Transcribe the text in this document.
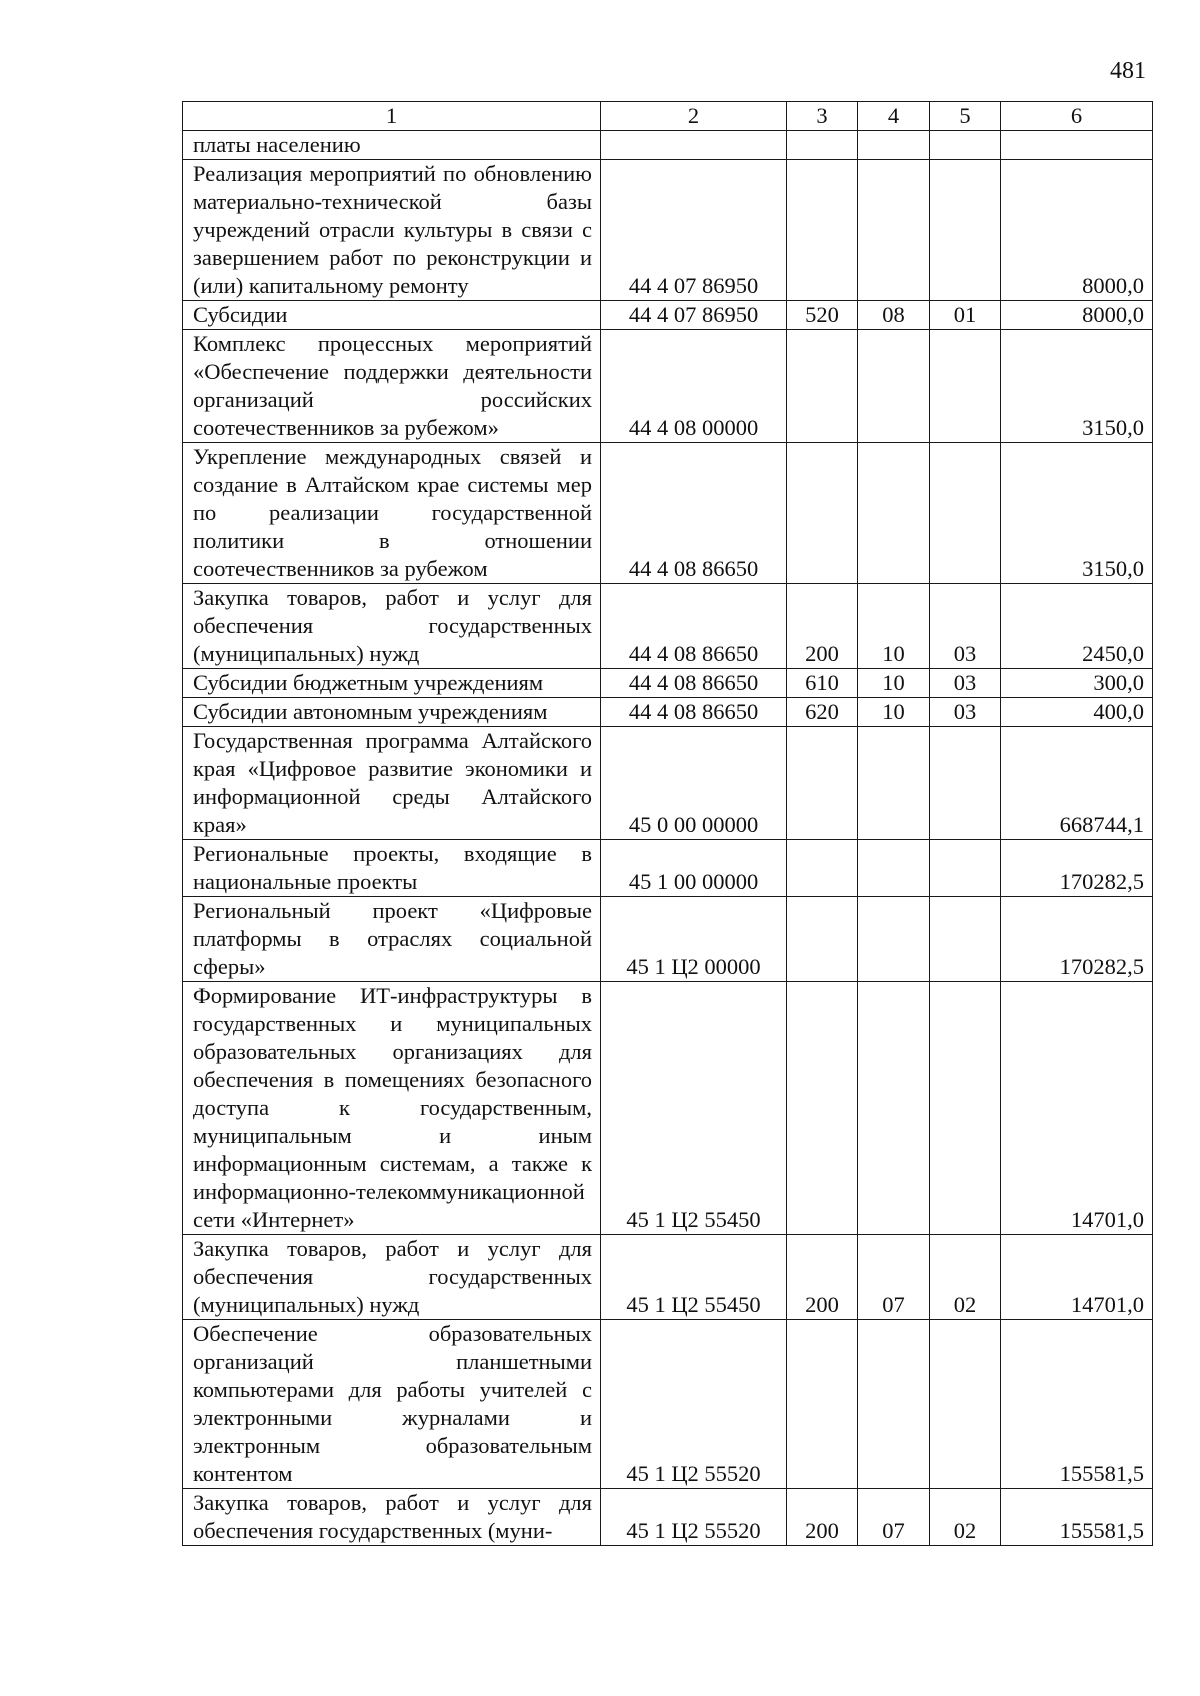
481
1	2	3	4	5	6
платы населению					
Реализация мероприятий по обновлению материально-технической базы учреждений отрасли культуры в связи с завершением работ по реконструкции и (или) капитальному ремонту	44 4 07 86950				8000,0
Субсидии	44 4 07 86950	520	08	01	8000,0
Комплекс процессных мероприятий «Обеспечение поддержки деятельности организаций российских соотечественников за рубежом»	44 4 08 00000				3150,0
Укрепление международных связей и создание в Алтайском крае системы мер по реализации государственной политики в отношении соотечественников за рубежом	44 4 08 86650				3150,0
Закупка товаров, работ и услуг для обеспечения государственных (муниципальных) нужд	44 4 08 86650	200	10	03	2450,0
Субсидии бюджетным учреждениям	44 4 08 86650	610	10	03	300,0
Субсидии автономным учреждениям	44 4 08 86650	620	10	03	400,0
Государственная программа Алтайского края «Цифровое развитие экономики и информационной среды Алтайского края»	45 0 00 00000				668744,1
Региональные проекты, входящие в национальные проекты	45 1 00 00000				170282,5
Региональный проект «Цифровые платформы в отраслях социальной сферы»	45 1 Ц2 00000				170282,5
Формирование ИТ-инфраструктуры в государственных и муниципальных образовательных организациях для обеспечения в помещениях безопасного доступа к государственным, муниципальным и иным информационным системам, а также к информационно-телекоммуникационной сети «Интернет»	45 1 Ц2 55450				14701,0
Закупка товаров, работ и услуг для обеспечения государственных (муниципальных) нужд	45 1 Ц2 55450	200	07	02	14701,0
Обеспечение образовательных организаций планшетными компьютерами для работы учителей с электронными журналами и электронным образовательным контентом	45 1 Ц2 55520				155581,5
Закупка товаров, работ и услуг для обеспечения государственных (муни-	45 1 Ц2 55520	200	07	02	155581,5
